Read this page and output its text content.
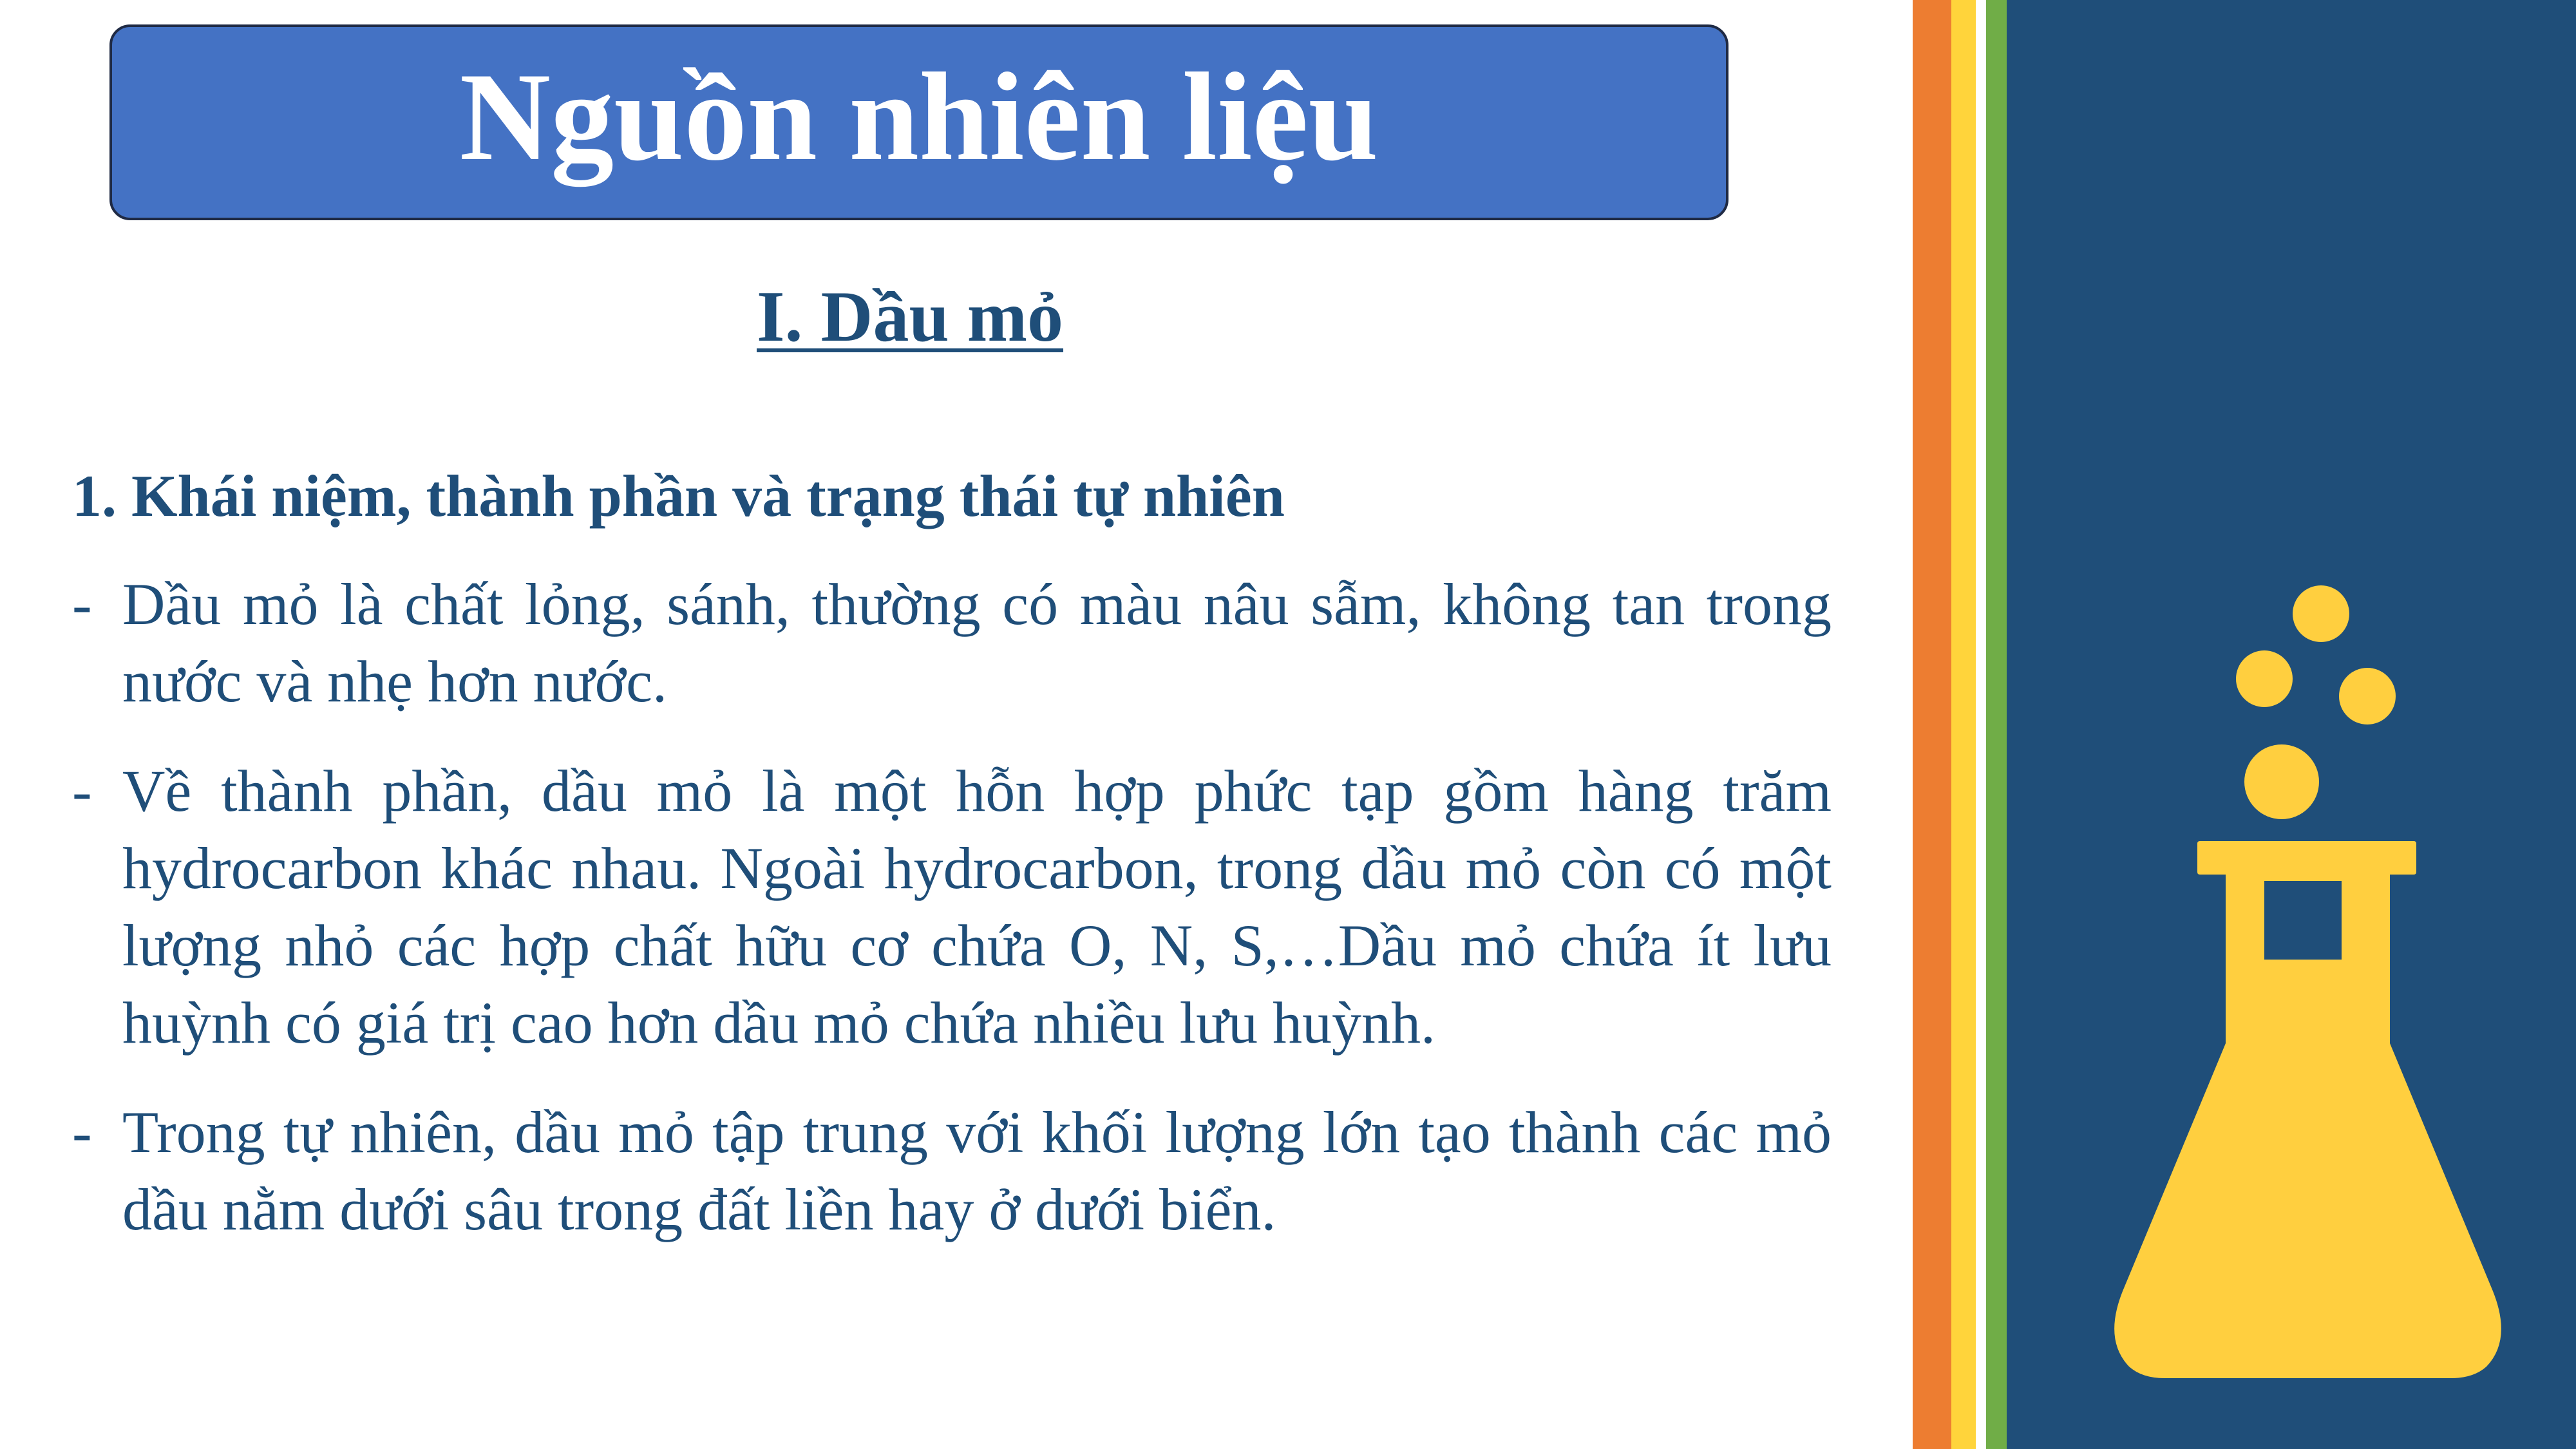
Nguồn nhiên liệu
I. Dầu mỏ
1. Khái niệm, thành phần và trạng thái tự nhiên
- Dầu mỏ là chất lỏng, sánh, thường có màu nâu sẫm, không tan trong nước và nhẹ hơn nước.
- Về thành phần, dầu mỏ là một hỗn hợp phức tạp gồm hàng trăm hydrocarbon khác nhau. Ngoài hydrocarbon, trong dầu mỏ còn có một lượng nhỏ các hợp chất hữu cơ chứa O, N, S,…Dầu mỏ chứa ít lưu huỳnh có giá trị cao hơn dầu mỏ chứa nhiều lưu huỳnh.
- Trong tự nhiên, dầu mỏ tập trung với khối lượng lớn tạo thành các mỏ dầu nằm dưới sâu trong đất liền hay ở dưới biển.
